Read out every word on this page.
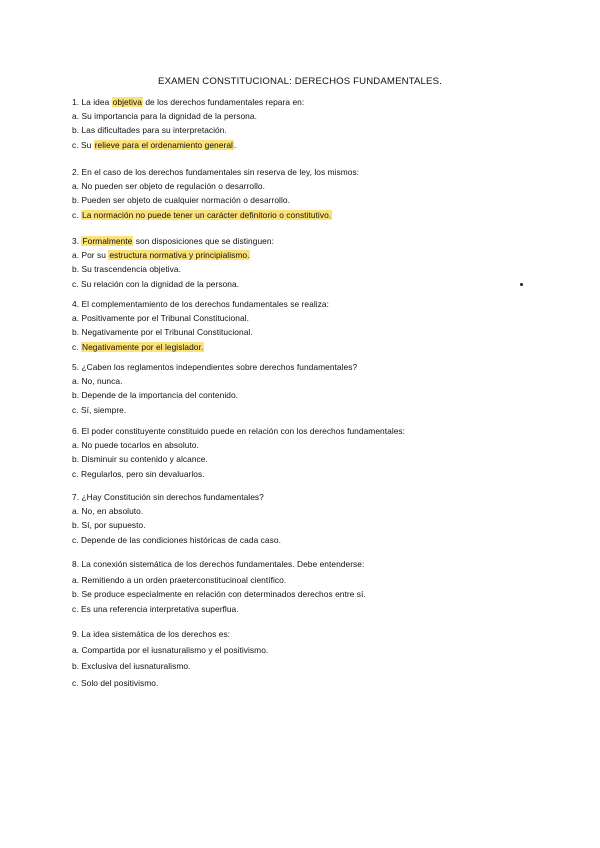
EXAMEN CONSTITUCIONAL: DERECHOS FUNDAMENTALES.
1. La idea objetiva de los derechos fundamentales repara en:
a. Su importancia para la dignidad de la persona.
b. Las dificultades para su interpretación.
c. Su relieve para el ordenamiento general.
2. En el caso de los derechos fundamentales sin reserva de ley, los mismos:
a. No pueden ser objeto de regulación o desarrollo.
b. Pueden ser objeto de cualquier normación o desarrollo.
c. La normación no puede tener un carácter definitorio o constitutivo.
3. Formalmente son disposiciones que se distinguen:
a. Por su estructura normativa y principialismo.
b. Su trascendencia objetiva.
c. Su relación con la dignidad de la persona.
4. El complementamiento de los derechos fundamentales se realiza:
a. Positivamente por el Tribunal Constitucional.
b. Negativamente por el Tribunal Constitucional.
c. Negativamente por el legislador.
5. ¿Caben los reglamentos independientes sobre derechos fundamentales?
a. No, nunca.
b. Depende de la importancia del contenido.
c. Sí, siempre.
6. El poder constituyente constituido puede en relación con los derechos fundamentales:
a. No puede tocarlos en absoluto.
b. Disminuir su contenido y alcance.
c. Regularlos, pero sin devaluarlos.
7. ¿Hay Constitución sin derechos fundamentales?
a. No, en absoluto.
b. Sí, por supuesto.
c. Depende de las condiciones históricas de cada caso.
8. La conexión sistemática de los derechos fundamentales. Debe entenderse:
a. Remitiendo a un orden praeterconstitucinoal científico.
b. Se produce especialmente en relación con determinados derechos entre sí.
c. Es una referencia interpretativa superflua.
9. La idea sistemática de los derechos es:
a. Compartida por el iusnaturalismo y el positivismo.
b. Exclusiva del iusnaturalismo.
c. Solo del positivismo.
